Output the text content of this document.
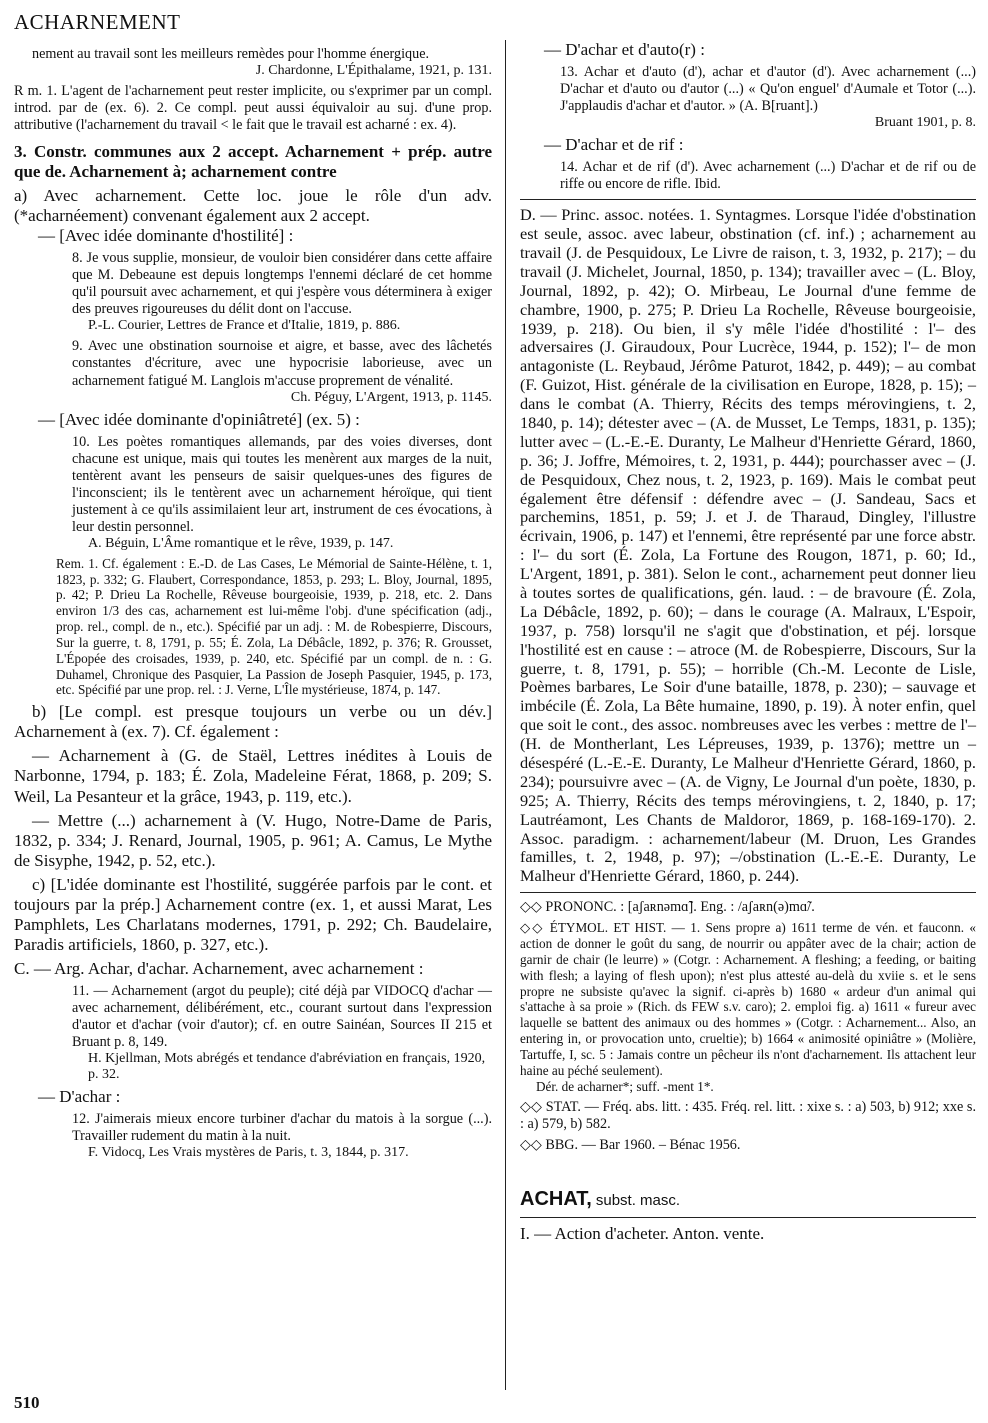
ACHARNEMENT

nement au travail sont les meilleurs remèdes pour l'homme énergique.

J. Chardonne, L'Épithalame, 1921, p. 131.

R m. 1. L'agent de l'acharnement peut rester implicite, ou s'exprimer par un compl. introd. par de (ex. 6). 2. Ce compl. peut aussi équivaloir au suj. d'une prop. attributive (l'acharnement du travail < le fait que le travail est acharné : ex. 4).

3. Constr. communes aux 2 accept. Acharnement + prép. autre que de. Acharnement à; acharnement contre

a) Avec acharnement. Cette loc. joue le rôle d'un adv. (*acharnéement) convenant également aux 2 accept.

— [Avec idée dominante d'hostilité] :

8. Je vous supplie, monsieur, de vouloir bien considérer dans cette affaire que M. Debeaune est depuis longtemps l'ennemi déclaré de cet homme qu'il poursuit avec acharnement, et qui j'espère vous déterminera à exiger des preuves rigoureuses du délit dont on l'accuse.

P.-L. Courier, Lettres de France et d'Italie, 1819, p. 886.

9. Avec une obstination sournoise et aigre, et basse, avec des lâchetés constantes d'écriture, avec une hypocrisie laborieuse, avec un acharnement fatigué M. Langlois m'accuse proprement de vénalité.

Ch. Péguy, L'Argent, 1913, p. 1145.

— [Avec idée dominante d'opiniâtreté] (ex. 5) :

10. Les poètes romantiques allemands, par des voies diverses, dont chacune est unique, mais qui toutes les menèrent aux marges de la nuit, tentèrent avant les penseurs de saisir quelques-unes des figures de l'inconscient; ils le tentèrent avec un acharnement héroïque, qui tient justement à ce qu'ils assimilaient leur art, instrument de ces évocations, à leur destin personnel.

A. Béguin, L'Âme romantique et le rêve, 1939, p. 147.

Rem. 1. Cf. également : E.-D. de Las Cases, Le Mémorial de Sainte-Hélène, t. 1, 1823, p. 332; G. Flaubert, Correspondance, 1853, p. 293; L. Bloy, Journal, 1895, p. 42; P. Drieu La Rochelle, Rêveuse bourgeoisie, 1939, p. 218, etc. 2. Dans environ 1/3 des cas, acharnement est lui-même l'obj. d'une spécification (adj., prop. rel., compl. de n., etc.). Spécifié par un adj. : M. de Robespierre, Discours, Sur la guerre, t. 8, 1791, p. 55; É. Zola, La Débâcle, 1892, p. 376; R. Grousset, L'Épopée des croisades, 1939, p. 240, etc. Spécifié par un compl. de n. : G. Duhamel, Chronique des Pasquier, La Passion de Joseph Pasquier, 1945, p. 173, etc. Spécifié par une prop. rel. : J. Verne, L'Île mystérieuse, 1874, p. 147.

b) [Le compl. est presque toujours un verbe ou un dév.] Acharnement à (ex. 7). Cf. également :

— Acharnement à (G. de Staël, Lettres inédites à Louis de Narbonne, 1794, p. 183; É. Zola, Madeleine Férat, 1868, p. 209; S. Weil, La Pesanteur et la grâce, 1943, p. 119, etc.).

— Mettre (...) acharnement à (V. Hugo, Notre-Dame de Paris, 1832, p. 334; J. Renard, Journal, 1905, p. 961; A. Camus, Le Mythe de Sisyphe, 1942, p. 52, etc.).

c) [L'idée dominante est l'hostilité, suggérée parfois par le cont. et toujours par la prép.] Acharnement contre (ex. 1, et aussi Marat, Les Pamphlets, Les Charlatans modernes, 1791, p. 292; Ch. Baudelaire, Paradis artificiels, 1860, p. 327, etc.).

C. — Arg. Achar, d'achar. Acharnement, avec acharnement :

11. — Acharnement (argot du peuple); cité déjà par VIDOCQ d'achar — avec acharnement, délibérément, etc., courant surtout dans l'expression d'autor et d'achar (voir d'autor); cf. en outre Sainéan, Sources II 215 et Bruant p. 8, 149.

H. Kjellman, Mots abrégés et tendance d'abréviation en français, 1920, p. 32.

— D'achar :

12. J'aimerais mieux encore turbiner d'achar du matois à la sorgue (...). Travailler rudement du matin à la nuit.

F. Vidocq, Les Vrais mystères de Paris, t. 3, 1844, p. 317.

— D'achar et d'auto(r) :

13. Achar et d'auto (d'), achar et d'autor (d'). Avec acharnement (...) D'achar et d'auto ou d'autor (...) « Qu'on enguel' d'Aumale et Totor (...). J'applaudis d'achar et d'autor. » (A. B[ruant].)

Bruant 1901, p. 8.

— D'achar et de rif :

14. Achar et de rif (d'). Avec acharnement (...) D'achar et de rif ou de riffe ou encore de rifle. Ibid.

D. — Princ. assoc. notées. 1. Syntagmes. Lorsque l'idée d'obstination est seule, assoc. avec labeur, obstination (cf. inf.) ; acharnement au travail (J. de Pesquidoux, Le Livre de raison, t. 3, 1932, p. 217); – du travail (J. Michelet, Journal, 1850, p. 134); travailler avec – (L. Bloy, Journal, 1892, p. 42); O. Mirbeau, Le Journal d'une femme de chambre, 1900, p. 275; P. Drieu La Rochelle, Rêveuse bourgeoisie, 1939, p. 218). Ou bien, il s'y mêle l'idée d'hostilité : l'– des adversaires (J. Giraudoux, Pour Lucrèce, 1944, p. 152); l'– de mon antagoniste (L. Reybaud, Jérôme Paturot, 1842, p. 449); – au combat (F. Guizot, Hist. générale de la civilisation en Europe, 1828, p. 15); – dans le combat (A. Thierry, Récits des temps mérovingiens, t. 2, 1840, p. 14); détester avec – (A. de Musset, Le Temps, 1831, p. 135); lutter avec – (L.-E.-E. Duranty, Le Malheur d'Henriette Gérard, 1860, p. 36; J. Joffre, Mémoires, t. 2, 1931, p. 444); pourchasser avec – (J. de Pesquidoux, Chez nous, t. 2, 1923, p. 169). Mais le combat peut également être défensif : défendre avec – (J. Sandeau, Sacs et parchemins, 1851, p. 59; J. et J. de Tharaud, Dingley, l'illustre écrivain, 1906, p. 147) et l'ennemi, être représenté par une force abstr. : l'– du sort (É. Zola, La Fortune des Rougon, 1871, p. 60; Id., L'Argent, 1891, p. 381). Selon le cont., acharnement peut donner lieu à toutes sortes de qualifications, gén. laud. : – de bravoure (É. Zola, La Débâcle, 1892, p. 60); – dans le courage (A. Malraux, L'Espoir, 1937, p. 758) lorsqu'il ne s'agit que d'obstination, et péj. lorsque l'hostilité est en cause : – atroce (M. de Robespierre, Discours, Sur la guerre, t. 8, 1791, p. 55); – horrible (Ch.-M. Leconte de Lisle, Poèmes barbares, Le Soir d'une bataille, 1878, p. 230); – sauvage et imbécile (É. Zola, La Bête humaine, 1890, p. 19). À noter enfin, quel que soit le cont., des assoc. nombreuses avec les verbes : mettre de l'– (H. de Montherlant, Les Lépreuses, 1939, p. 1376); mettre un – désespéré (L.-E.-E. Duranty, Le Malheur d'Henriette Gérard, 1860, p. 234); poursuivre avec – (A. de Vigny, Le Journal d'un poète, 1830, p. 925; A. Thierry, Récits des temps mérovingiens, t. 2, 1840, p. 17; Lautréamont, Les Chants de Maldoror, 1869, p. 168-169-170). 2. Assoc. paradigm. : acharnement/labeur (M. Druon, Les Grandes familles, t. 2, 1948, p. 97); –/obstination (L.-E.-E. Duranty, Le Malheur d'Henriette Gérard, 1860, p. 244).

◇◇ PRONONC. : [aʃaʀnəmɑ̃]. Eng. : /aʃaʀn(ə)mɑ̃/.

◇◇ ÉTYMOL. ET HIST. — 1. Sens propre a) 1611 terme de vén. et fauconn. « action de donner le goût du sang, de nourrir ou appâter avec de la chair; action de garnir de chair (le leurre) » (Cotgr. : Acharnement. A fleshing; a feeding, or baiting with flesh; a laying of flesh upon); n'est plus attesté au-delà du xviie s. et le sens propre ne subsiste qu'avec la signif. ci-après b) 1680 « ardeur d'un animal qui s'attache à sa proie » (Rich. ds FEW s.v. caro); 2. emploi fig. a) 1611 « fureur avec laquelle se battent des animaux ou des hommes » (Cotgr. : Acharnement... Also, an entering in, or provocation unto, crueltie); b) 1664 « animosité opiniâtre » (Molière, Tartuffe, I, sc. 5 : Jamais contre un pêcheur ils n'ont d'acharnement. Ils attachent leur haine au péché seulement).

Dér. de acharner*; suff. -ment 1*.

◇◇ STAT. — Fréq. abs. litt. : 435. Fréq. rel. litt. : xixe s. : a) 503, b) 912; xxe s. : a) 579, b) 582.

◇◇ BBG. — Bar 1960. – Bénac 1956.

ACHAT, subst. masc.

I. — Action d'acheter. Anton. vente.

510
